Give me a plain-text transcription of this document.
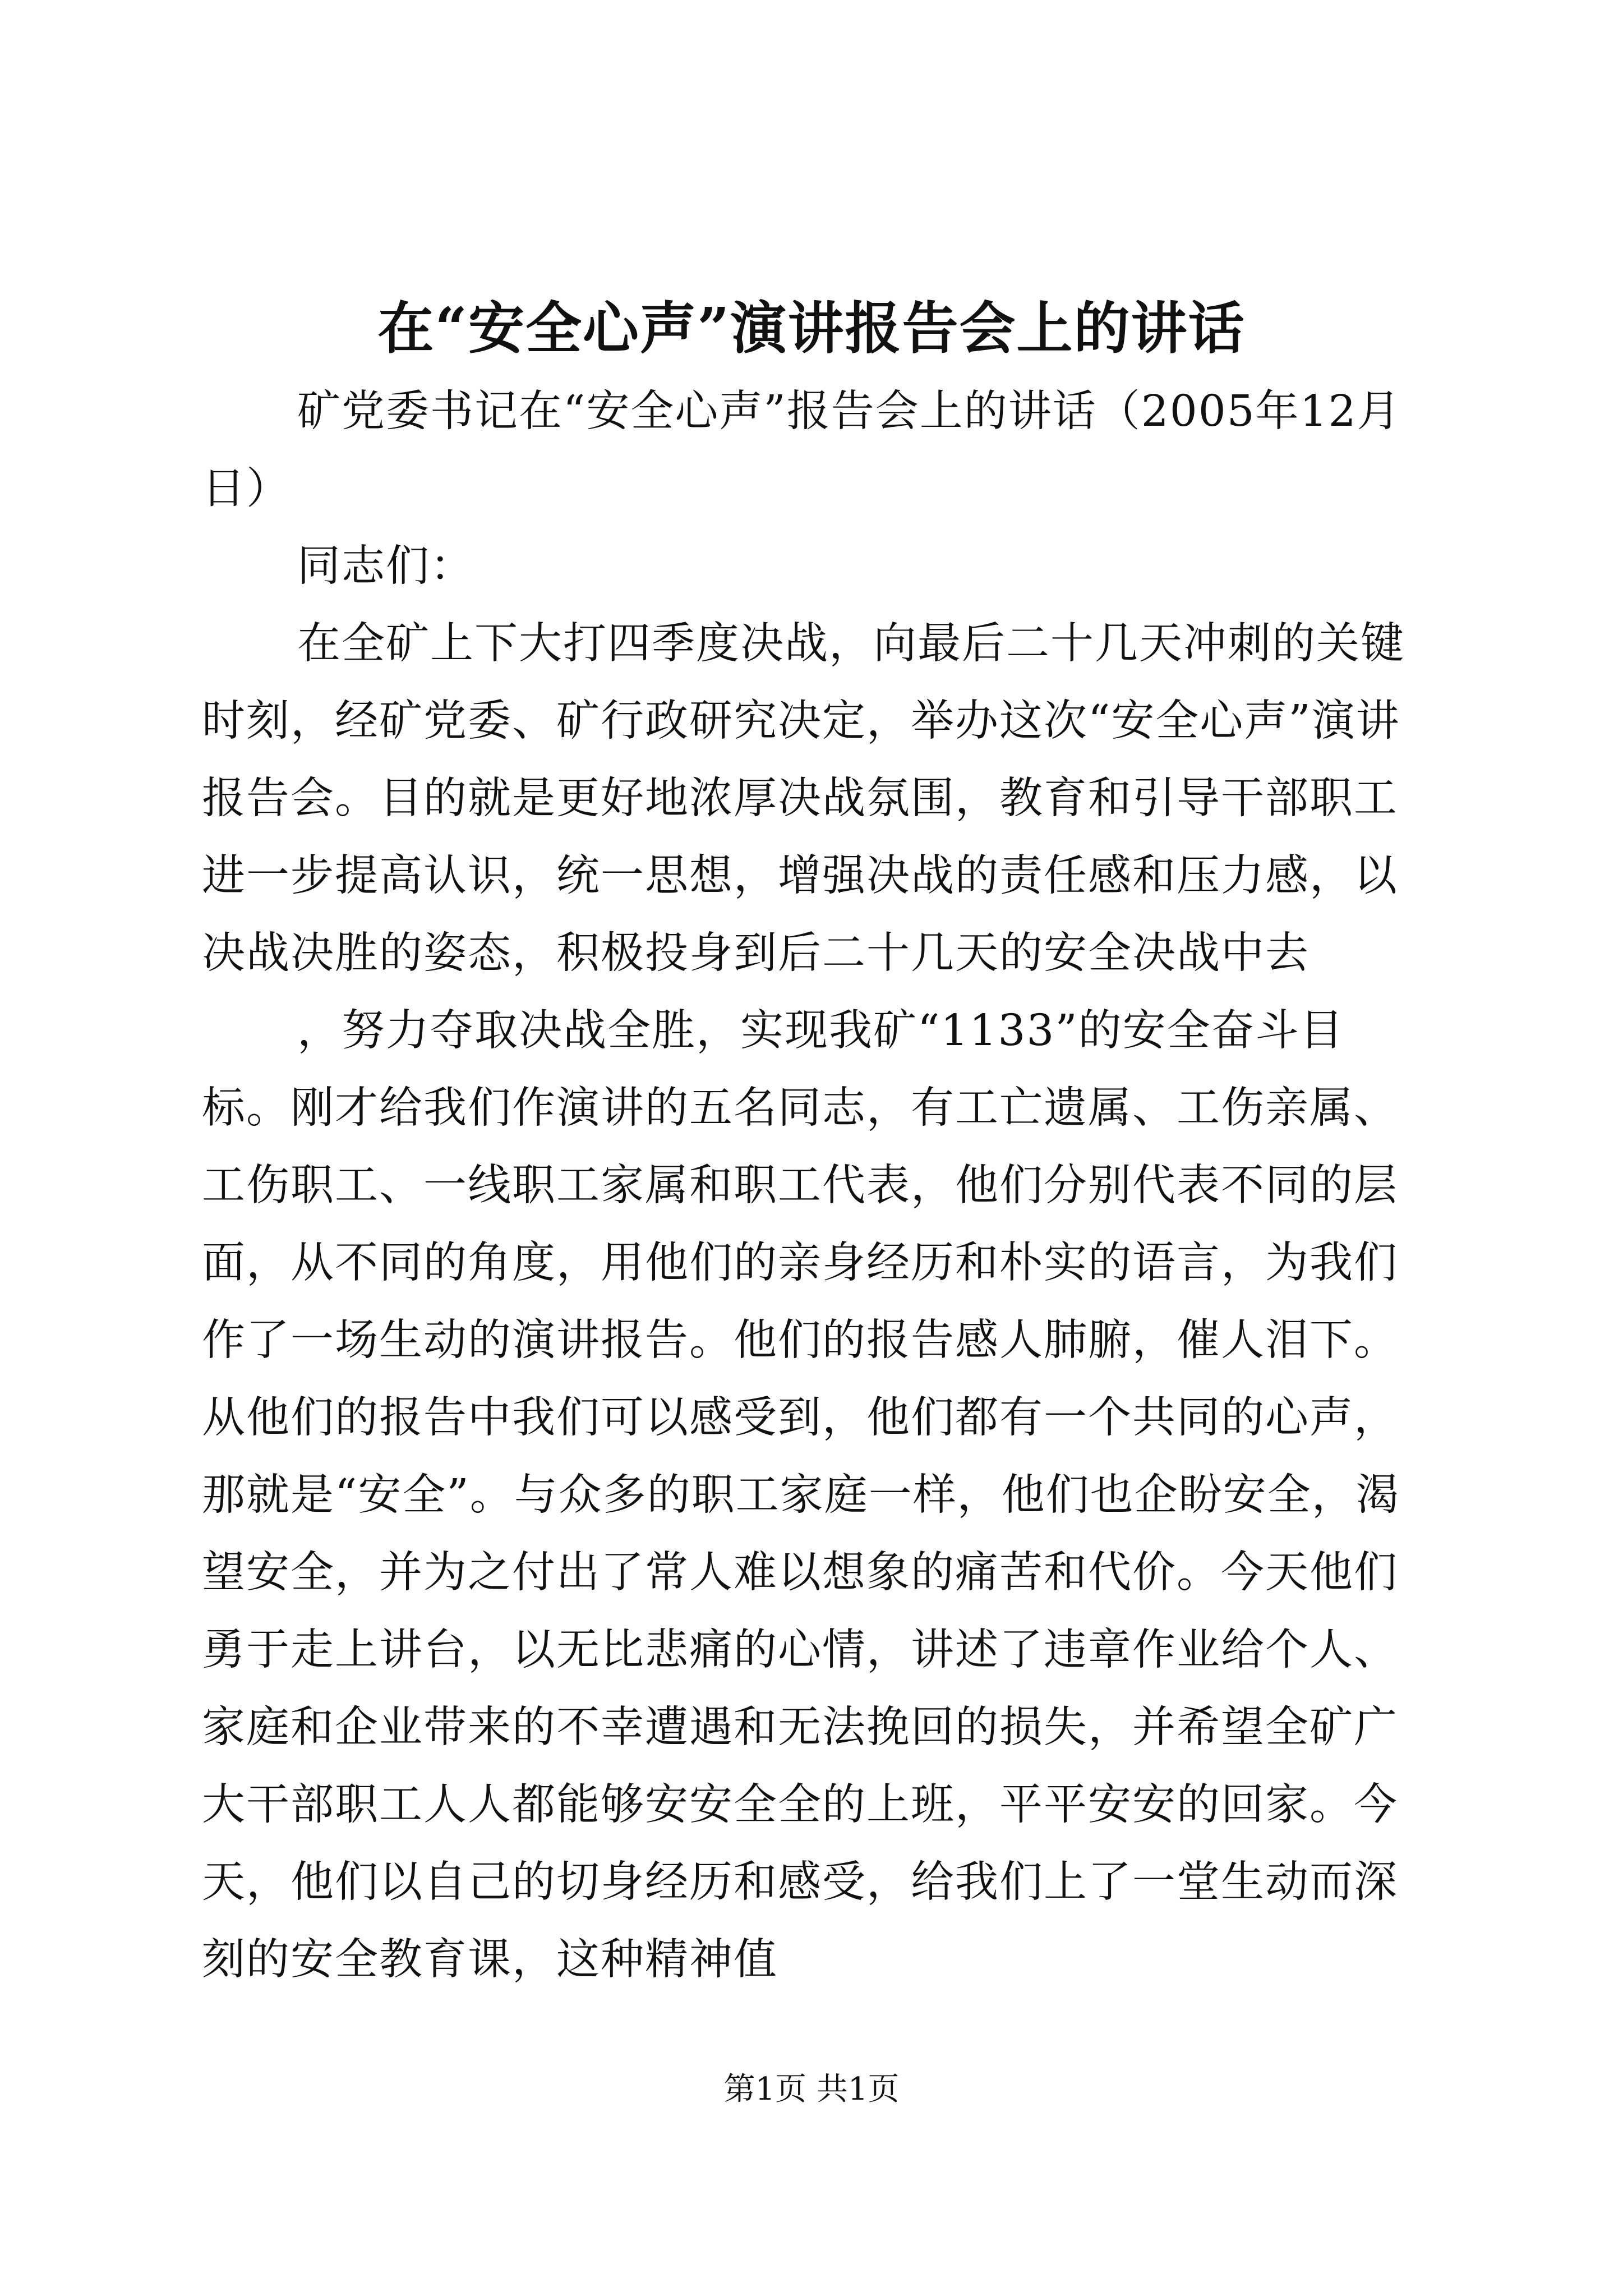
在“安全心声”演讲报告会上的讲话

矿党委书记在“安全心声”报告会上的讲话（2005年12月日）

同志们：

在全矿上下大打四季度决战，向最后二十几天冲刺的关键时刻，经矿党委、矿行政研究决定，举办这次“安全心声”演讲报告会。目的就是更好地浓厚决战氛围，教育和引导干部职工进一步提高认识，统一思想，增强决战的责任感和压力感，以决战决胜的姿态，积极投身到后二十几天的安全决战中去

，努力夺取决战全胜，实现我矿“1133”的安全奋斗目标。刚才给我们作演讲的五名同志，有工亡遗属、工伤亲属、工伤职工、一线职工家属和职工代表，他们分别代表不同的层面，从不同的角度，用他们的亲身经历和朴实的语言，为我们作了一场生动的演讲报告。他们的报告感人肺腑，催人泪下。从他们的报告中我们可以感受到，他们都有一个共同的心声，那就是“安全”。与众多的职工家庭一样，他们也企盼安全，渴望安全，并为之付出了常人难以想象的痛苦和代价。今天他们勇于走上讲台，以无比悲痛的心情，讲述了违章作业给个人、家庭和企业带来的不幸遭遇和无法挽回的损失，并希望全矿广大干部职工人人都能够安安全全的上班，平平安安的回家。今天，他们以自己的切身经历和感受，给我们上了一堂生动而深刻的安全教育课，这种精神值

第1页 共1页
